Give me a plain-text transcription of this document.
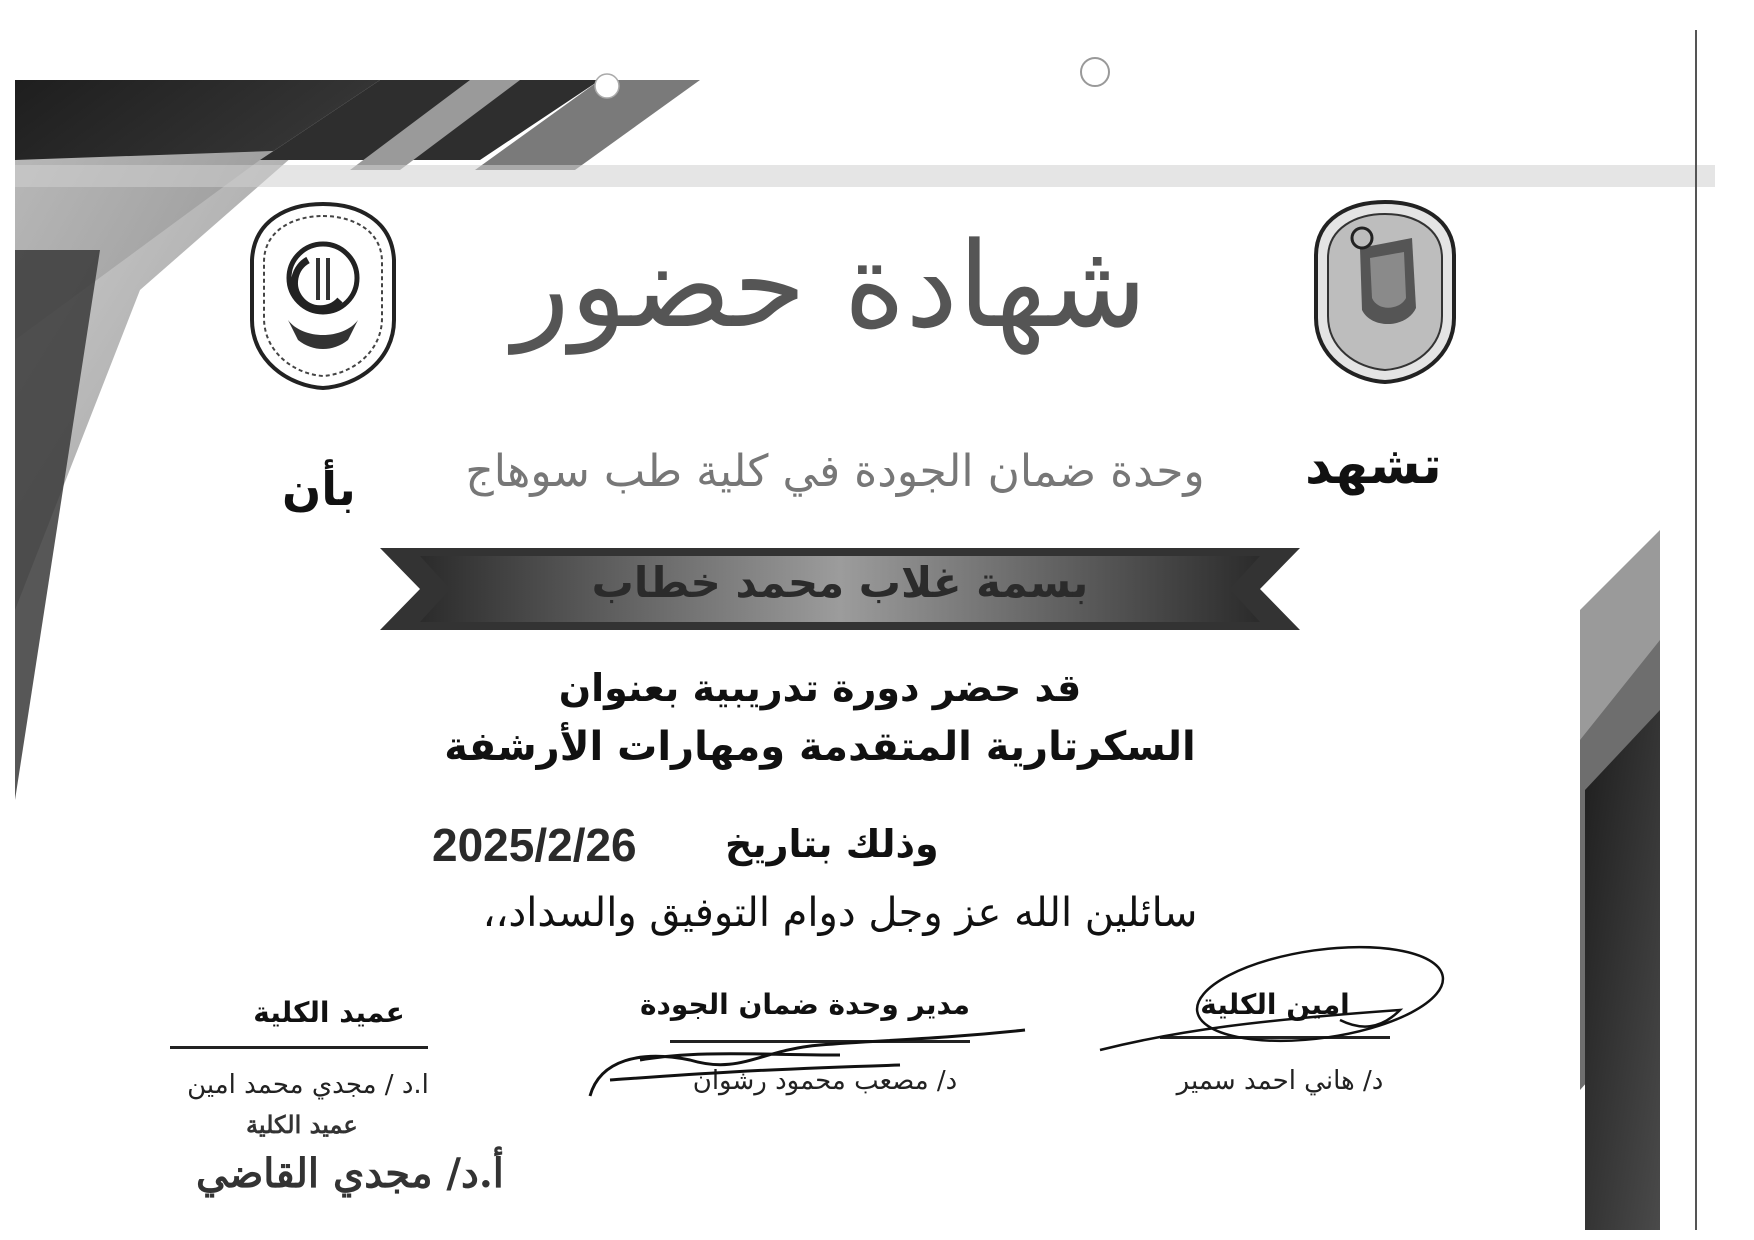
شهادة حضور
تشهد
وحدة ضمان الجودة في كلية طب سوهاج
بأن
بسمة غلاب محمد خطاب
قد حضر دورة تدريبية بعنوان
السكرتارية المتقدمة ومهارات الأرشفة
وذلك بتاريخ
2025/2/26
سائلين الله عز وجل دوام التوفيق والسداد،،
امين الكلية
د/ هاني احمد سمير
مدير وحدة ضمان الجودة
د/ مصعب محمود رشوان
عميد الكلية
ا.د / مجدي محمد امين
عميد الكلية
أ.د/ مجدي القاضي
